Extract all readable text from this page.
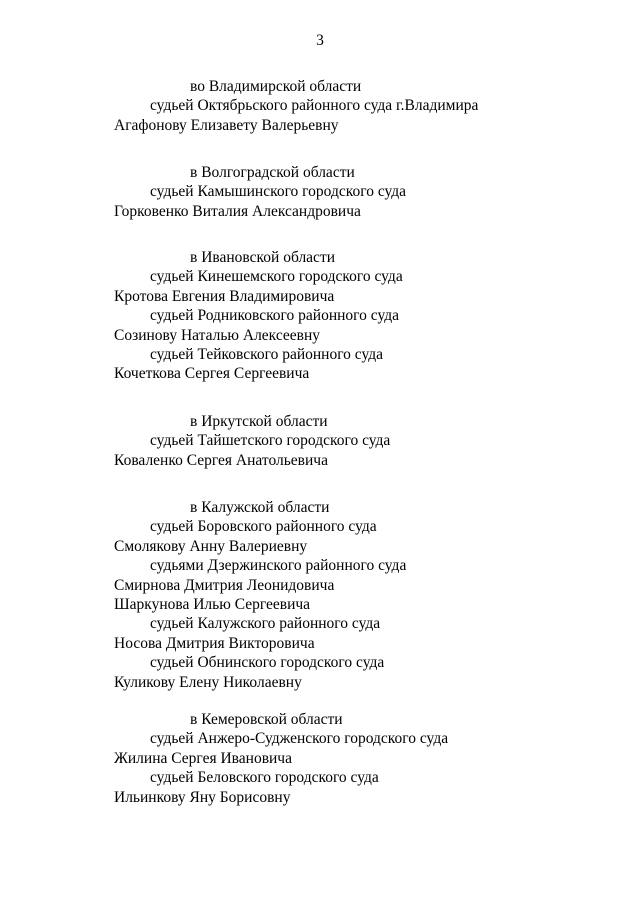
3
во Владимирской области
судьей Октябрьского районного суда г.Владимира
Агафонову Елизавету Валерьевну
в Волгоградской области
судьей Камышинского городского суда
Горковенко Виталия Александровича
в Ивановской области
судьей Кинешемского городского суда
Кротова Евгения Владимировича
судьей Родниковского районного суда
Созинову Наталью Алексеевну
судьей Тейковского районного суда
Кочеткова Сергея Сергеевича
в Иркутской области
судьей Тайшетского городского суда
Коваленко Сергея Анатольевича
в Калужской области
судьей Боровского районного суда
Смолякову Анну Валериевну
судьями Дзержинского районного суда
Смирнова Дмитрия Леонидовича
Шаркунова Илью Сергеевича
судьей Калужского районного суда
Носова Дмитрия Викторовича
судьей Обнинского городского суда
Куликову Елену Николаевну
в Кемеровской области
судьей Анжеро-Судженского городского суда
Жилина Сергея Ивановича
судьей Беловского городского суда
Ильинкову Яну Борисовну
